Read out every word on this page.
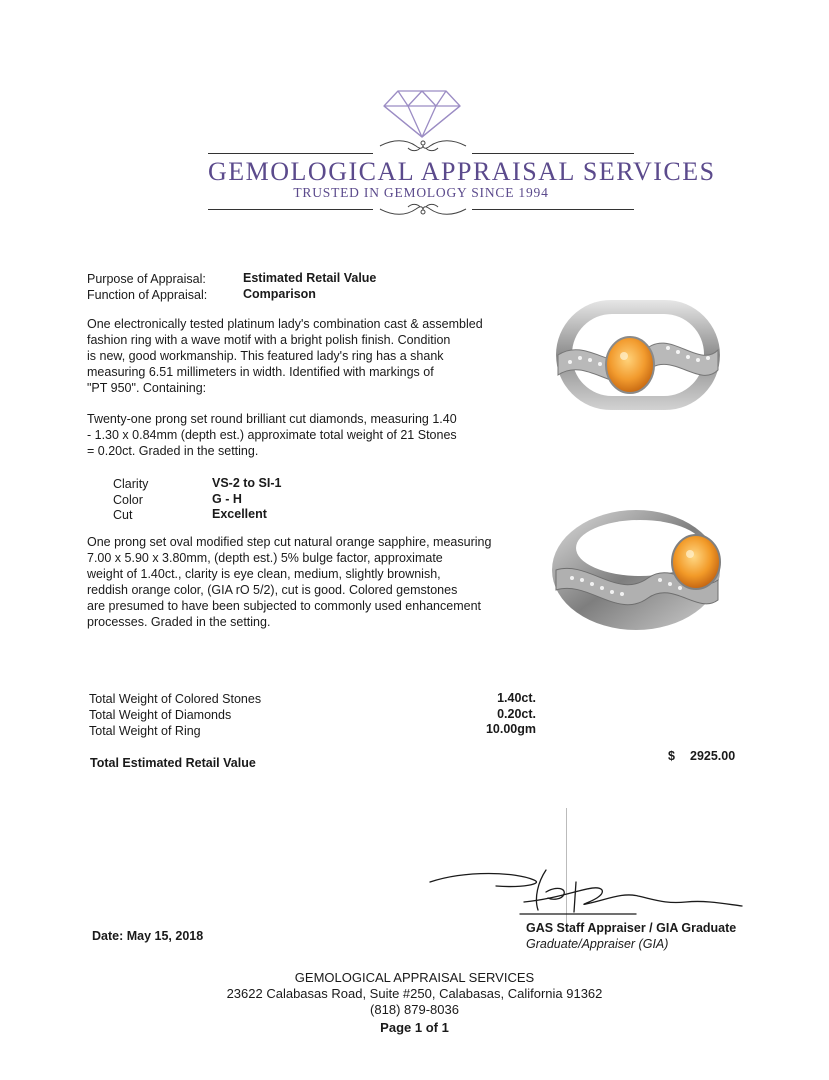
GEMOLOGICAL APPRAISAL SERVICES
TRUSTED IN GEMOLOGY SINCE 1994
Purpose of Appraisal:	Estimated Retail Value
Function of Appraisal:	Comparison
One electronically tested platinum lady's combination cast & assembled
fashion ring with a wave motif with a bright polish finish. Condition
is new, good workmanship. This featured lady's ring has a shank
measuring 6.51 millimeters in width. Identified with markings of
"PT 950". Containing:
Twenty-one prong set round brilliant cut diamonds, measuring 1.40
- 1.30 x 0.84mm (depth est.) approximate total weight of 21 Stones
= 0.20ct. Graded in the setting.
Clarity	VS-2 to SI-1
Color	G - H
Cut	Excellent
One prong set oval modified step cut natural orange sapphire, measuring
7.00 x 5.90 x 3.80mm, (depth est.) 5% bulge factor, approximate
weight of 1.40ct., clarity is eye clean, medium, slightly brownish,
reddish orange color, (GIA rO 5/2), cut is good. Colored gemstones
are presumed to have been subjected to commonly used enhancement
processes. Graded in the setting.
Total Weight of Colored Stones	1.40ct.
Total Weight of Diamonds	0.20ct.
Total Weight of Ring	10.00gm
Total Estimated Retail Value	$ 2925.00
Date: May 15, 2018
GAS Staff Appraiser / GIA Graduate
Graduate/Appraiser (GIA)
GEMOLOGICAL APPRAISAL SERVICES
23622 Calabasas Road, Suite #250, Calabasas, California 91362
(818) 879-8036
Page 1 of 1
